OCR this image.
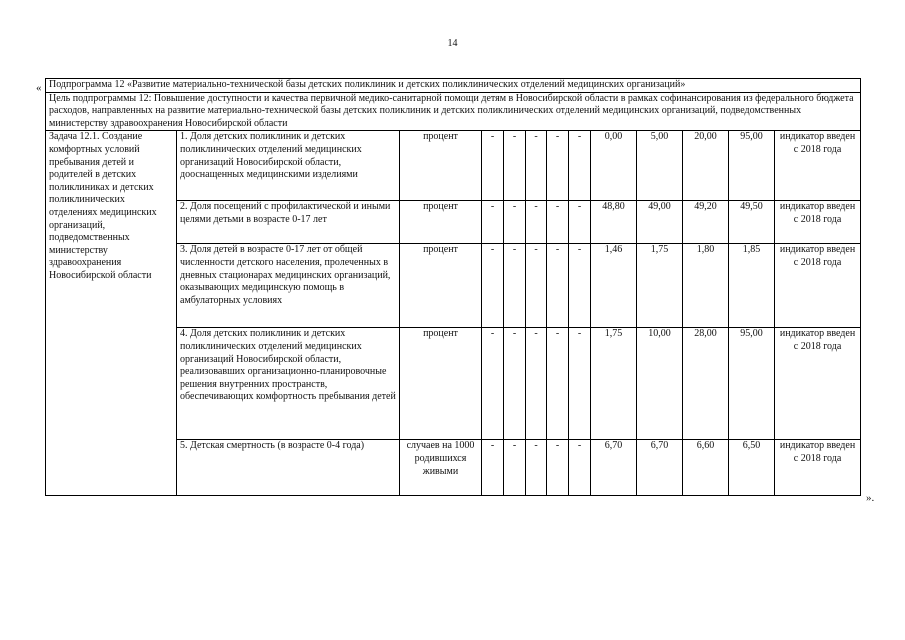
14
«
».
Подпрограмма 12 «Развитие материально-технической базы детских поликлиник и детских поликлинических отделений медицинских организаций»												
Цель подпрограммы 12: Повышение доступности и качества первичной медико-санитарной помощи детям в Новосибирской области в рамках софинансирования из федерального бюджета расходов, направленных на развитие материально-технической базы детских поликлиник и детских поликлинических отделений медицинских организаций, подведомственных министерству здравоохранения Новосибирской области												
Задача 12.1. Создание комфортных условий пребывания детей и родителей в детских поликлиниках и детских поликлинических отделениях медицинских организаций, подведомственных министерству здравоохранения Новосибирской области	1. Доля детских поликлиник и детских поликлинических отделений медицинских организаций Новосибирской области, дооснащенных медицинскими изделиями	процент	-	-	-	-	-	0,00	5,00	20,00	95,00	индикатор введен с 2018 года
	2. Доля посещений с профилактической и иными целями детьми в возрасте 0-17 лет	процент	-	-	-	-	-	48,80	49,00	49,20	49,50	индикатор введен с 2018 года
	3. Доля детей в возрасте 0-17 лет от общей численности детского населения, пролеченных в дневных стационарах медицинских организаций, оказывающих медицинскую помощь в амбулаторных условиях	процент	-	-	-	-	-	1,46	1,75	1,80	1,85	индикатор введен с 2018 года
	4. Доля детских поликлиник и детских поликлинических отделений медицинских организаций Новосибирской области, реализовавших организационно-планировочные решения внутренних пространств, обеспечивающих комфортность пребывания детей	процент	-	-	-	-	-	1,75	10,00	28,00	95,00	индикатор введен с 2018 года
	5. Детская смертность (в возрасте 0-4 года)	случаев на 1000 родившихся живыми	-	-	-	-	-	6,70	6,70	6,60	6,50	индикатор введен с 2018 года
